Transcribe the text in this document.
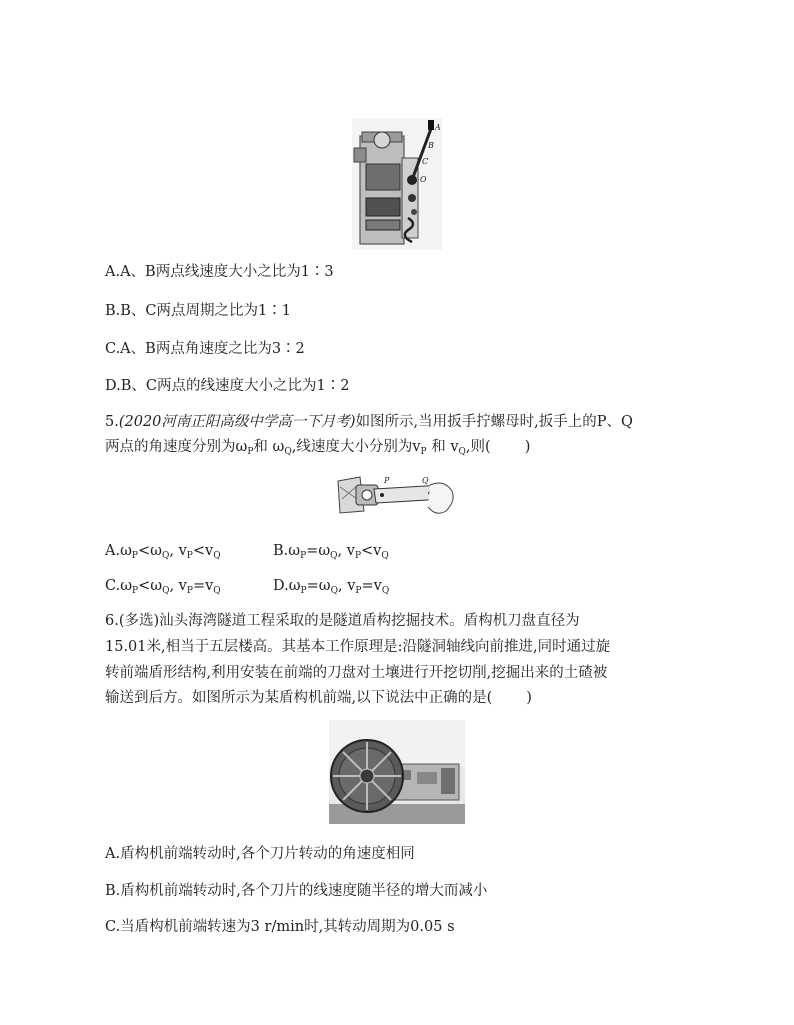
A
B
C
O
A.A、B两点线速度大小之比为1∶3
B.B、C两点周期之比为1∶1
C.A、B两点角速度之比为3∶2
D.B、C两点的线速度大小之比为1∶2
5.(2020河南正阳高级中学高一下月考)如图所示,当用扳手拧螺母时,扳手上的P、Q
两点的角速度分别为$\omega_P$和 $\omega_Q$,线速度大小分别为$v_P$ 和 $v_Q$,则( )
P	Q
$A.\omega_P<\omega_Q$, $v_P<v_Q$	$B.\omega_P=\omega_Q$, $v_P<v_Q$
$C.\omega_P<\omega_Q$, $v_P=v_Q$	$D.\omega_P=\omega_Q$, $v_P=v_Q$
6.(多选)汕头海湾隧道工程采取的是隧道盾构挖掘技术。盾构机刀盘直径为
15.01米,相当于五层楼高。其基本工作原理是:沿隧洞轴线向前推进,同时通过旋
转前端盾形结构,利用安装在前端的刀盘对土壤进行开挖切削,挖掘出来的土碴被
输送到后方。如图所示为某盾构机前端,以下说法中正确的是( )
A.盾构机前端转动时,各个刀片转动的角速度相同
B.盾构机前端转动时,各个刀片的线速度随半径的增大而减小
C.当盾构机前端转速为3 r/min时,其转动周期为0.05 s
